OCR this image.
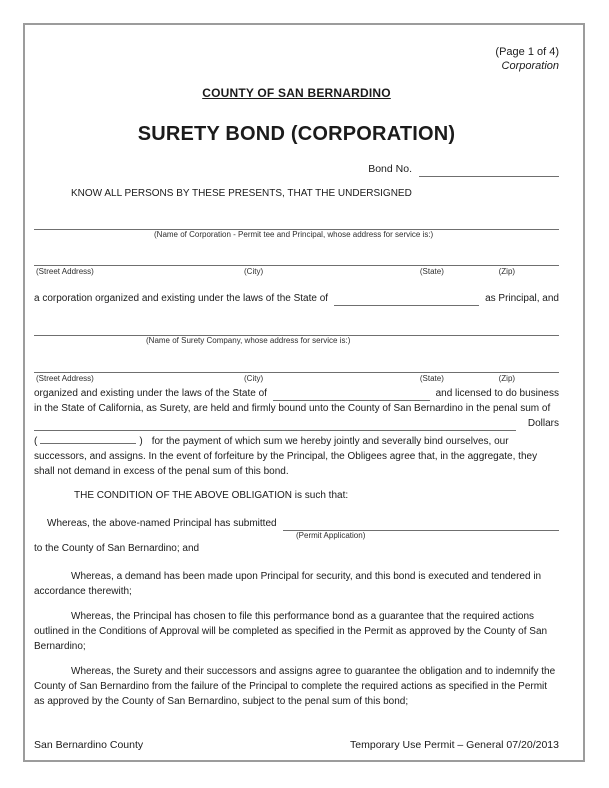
(Page 1 of 4)
Corporation
COUNTY OF SAN BERNARDINO
SURETY BOND (CORPORATION)
Bond No.
KNOW ALL PERSONS BY THESE PRESENTS, THAT THE UNDERSIGNED
(Name of Corporation - Permit tee and Principal, whose address for service is:)
(Street Address)	(City)	(State)	(Zip)
a corporation organized and existing under the laws of the State of	as Principal, and
(Name of Surety Company, whose address for service is:)
(Street Address)	(City)	(State)	(Zip)
organized and existing under the laws of the State of	and licensed to do business
in the State of California, as Surety, are held and firmly bound unto the County of San Bernardino in the penal sum of
Dollars
(	) for the payment of which sum we hereby jointly and severally bind ourselves, our successors, and assigns. In the event of forfeiture by the Principal, the Obligees agree that, in the aggregate, they shall not demand in excess of the penal sum of this bond.
THE CONDITION OF THE ABOVE OBLIGATION is such that:
Whereas, the above-named Principal has submitted
(Permit Application)
to the County of San Bernardino; and
Whereas, a demand has been made upon Principal for security, and this bond is executed and tendered in accordance therewith;
Whereas, the Principal has chosen to file this performance bond as a guarantee that the required actions outlined in the Conditions of Approval will be completed as specified in the Permit as approved by the County of San Bernardino;
Whereas, the Surety and their successors and assigns agree to guarantee the obligation and to indemnify the County of San Bernardino from the failure of the Principal to complete the required actions as specified in the Permit as approved by the County of San Bernardino, subject to the penal sum of this bond;
San Bernardino County	Temporary Use Permit – General 07/20/2013
